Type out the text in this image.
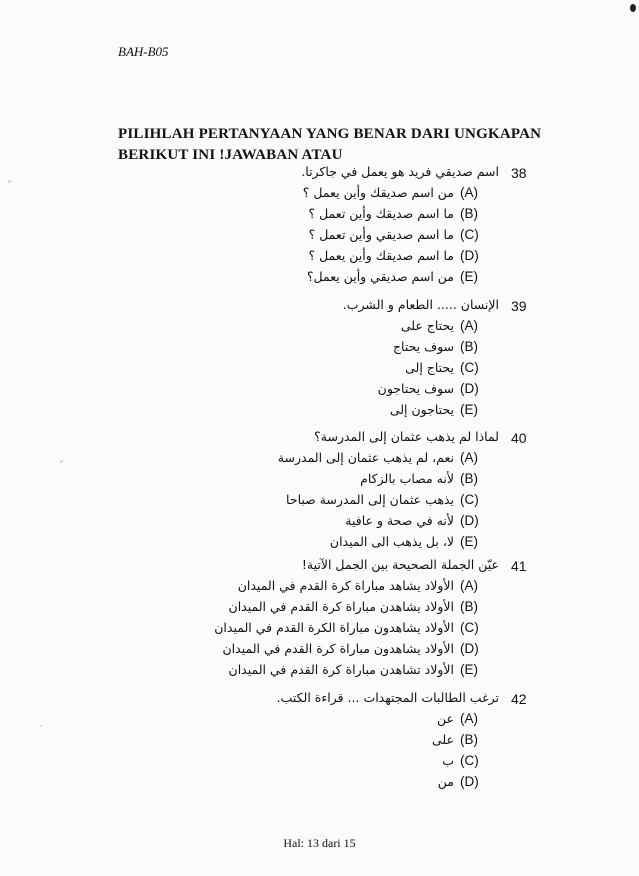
BAH-B05
PILIHLAH PERTANYAAN YANG BENAR DARI UNGKAPAN
BERIKUT INI !JAWABAN ATAU
38
اسم صديقي فريد هو يعمل في جاكرتا.
(A)
من اسم صديقك وأين يعمل ؟
(B)
ما اسم صديقك وأين تعمل ؟
(C)
ما اسم صديقي وأين تعمل ؟
(D)
ما اسم صديقك وأين يعمل ؟
(E)
من اسم صديقي وأين يعمل؟
39
الإنسان ..... الطعام و الشرب.
(A)
يحتاج على
(B)
سوف يحتاج
(C)
يحتاج إلى
(D)
سوف يحتاجون
(E)
يحتاجون إلى
40
لماذا لم يذهب عثمان إلى المدرسة؟
(A)
نعم، لم يذهب عثمان إلى المدرسة
(B)
لأنه مصاب بالزكام
(C)
يذهب عثمان إلى المدرسة صباحا
(D)
لأنه في صحة و عافية
(E)
لا، بل يذهب الى الميدان
41
عيّن الجملة الصحيحة بين الجمل الآتية!
(A)
الأولاد يشاهد مباراة كرة القدم في الميدان
(B)
الأولاد يشاهدن مباراة كرة القدم في الميدان
(C)
الأولاد يشاهدون مباراة الكرة القدم في الميدان
(D)
الأولاد يشاهدون مباراة كرة القدم في الميدان
(E)
الأولاد تشاهدن مباراة كرة القدم في الميدان
42
ترغب الطالبات المجتهدات ... قراءة الكتب.
(A)
عن
(B)
على
(C)
ب
(D)
من
Hal: 13 dari 15
